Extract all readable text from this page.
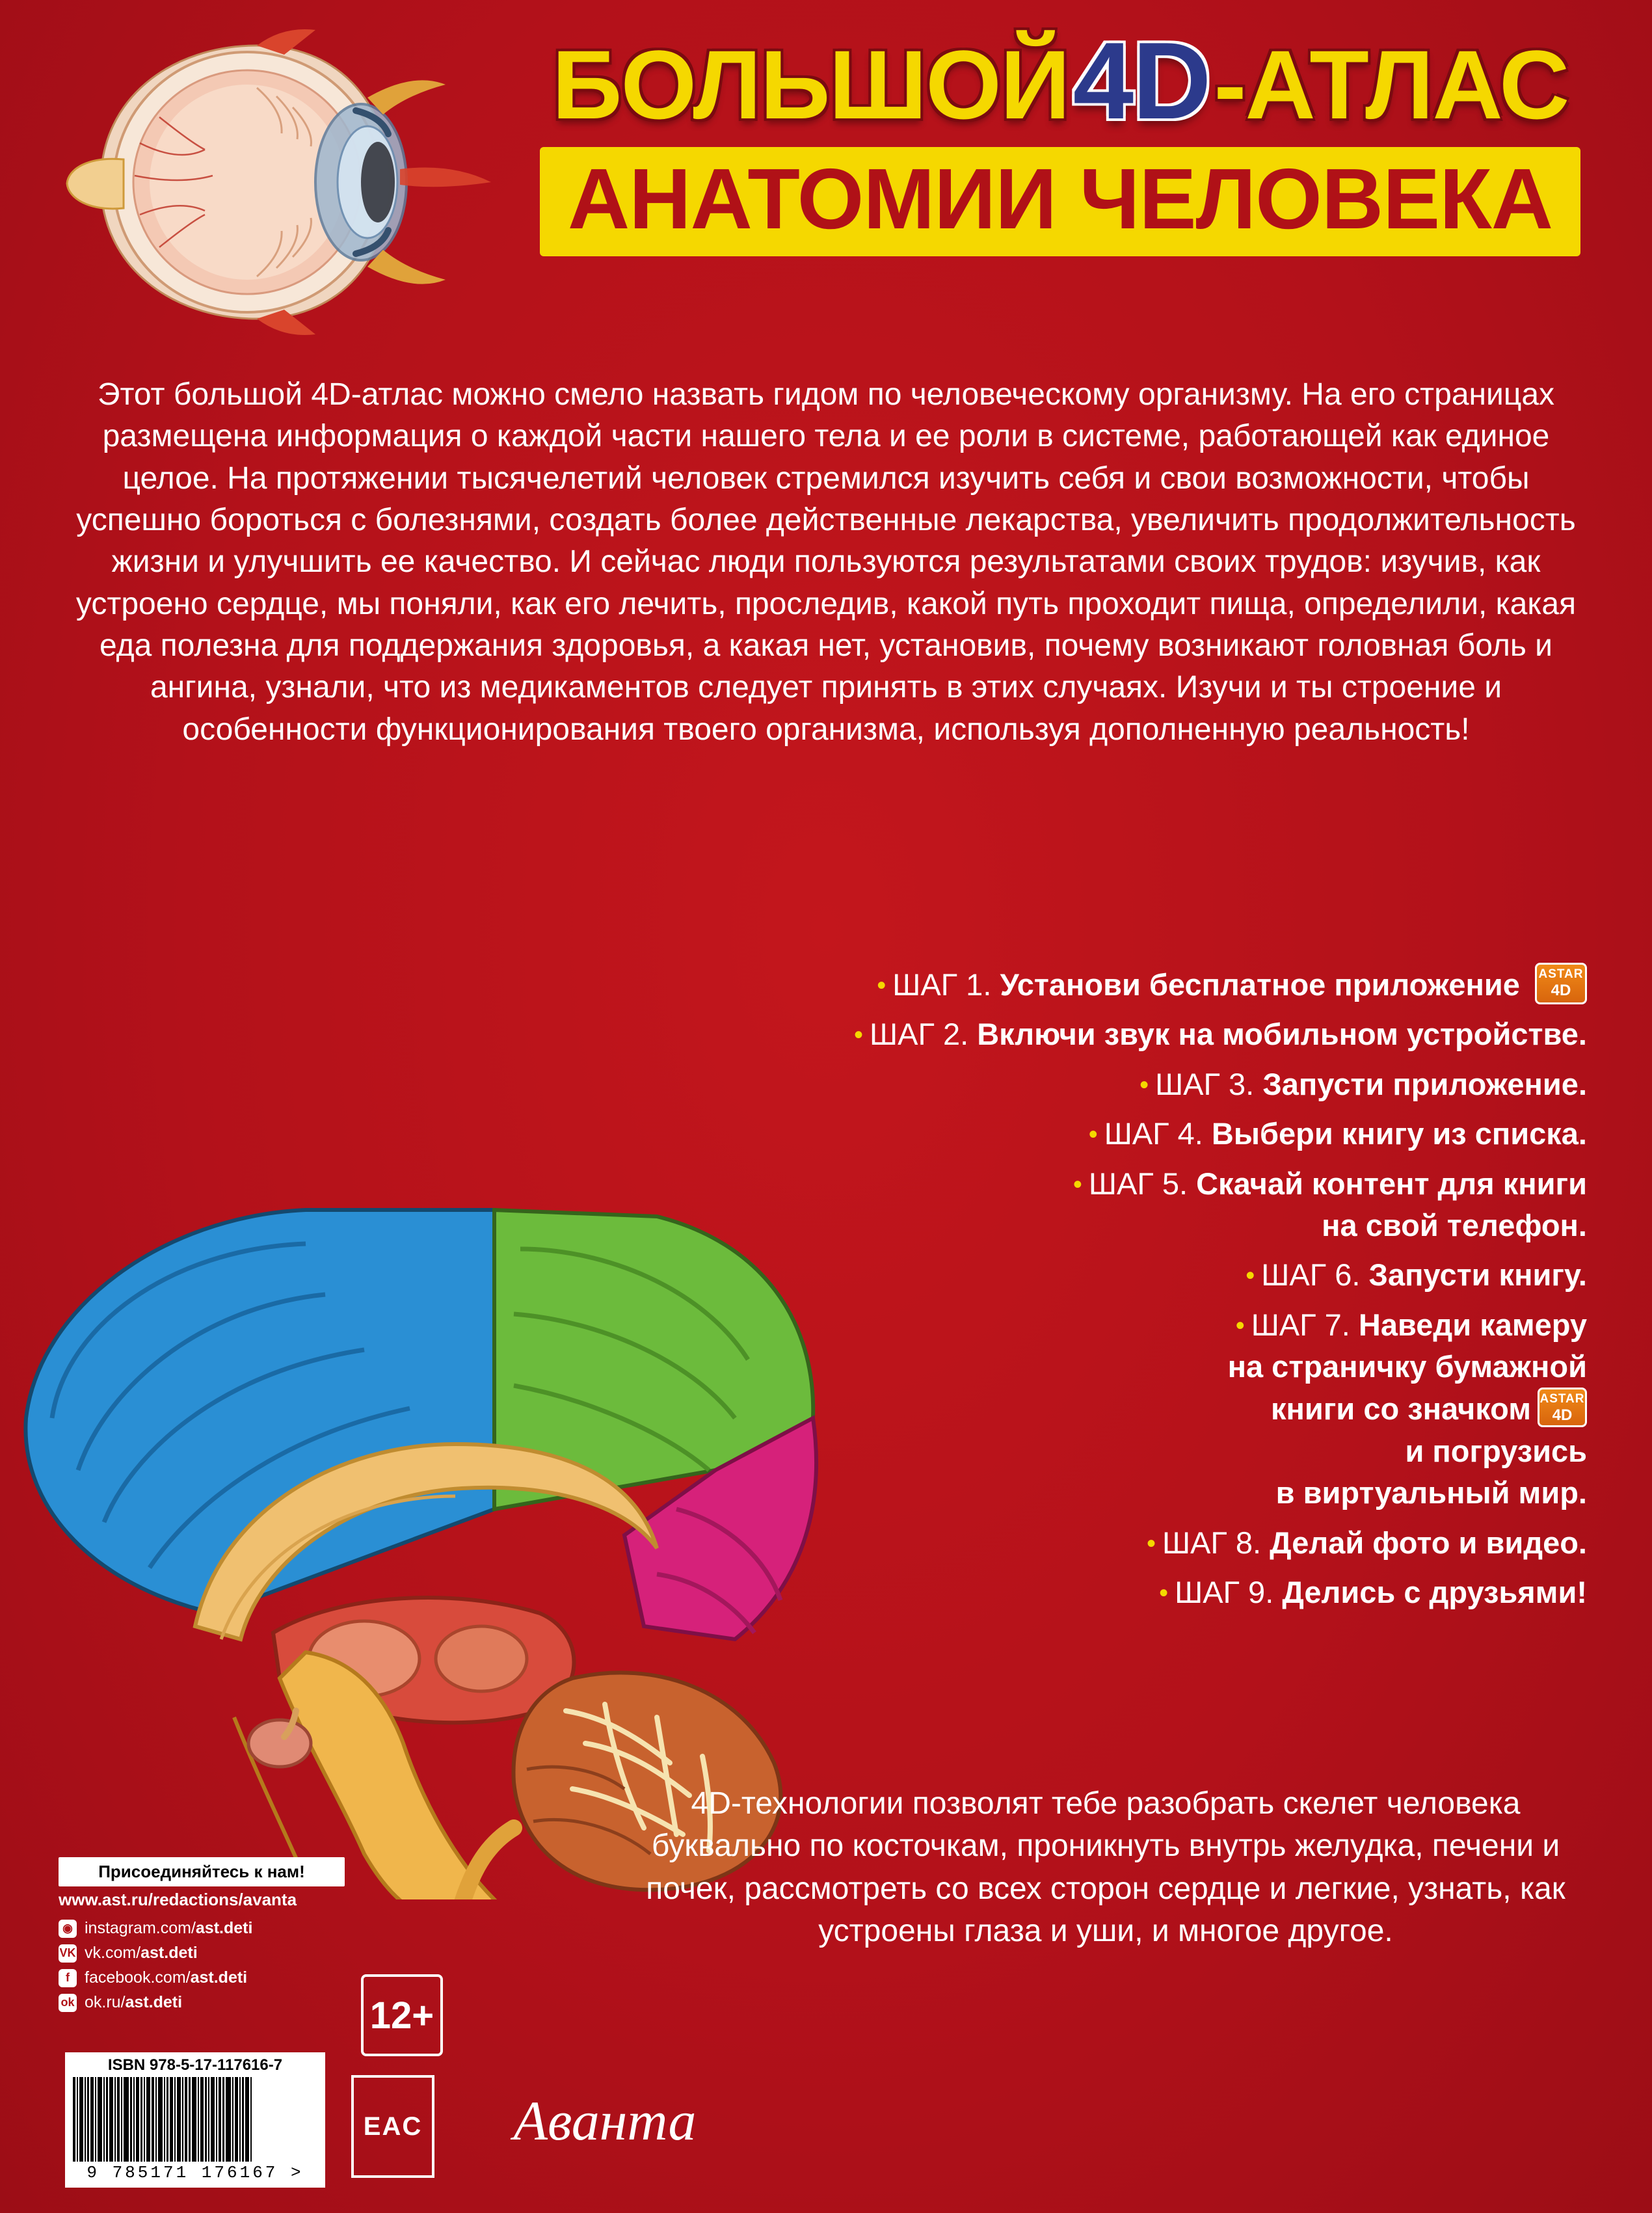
БОЛЬШОЙ4D-АТЛАС
АНАТОМИИ ЧЕЛОВЕКА
Этот большой 4D-атлас можно смело назвать гидом по человеческому организму. На его страницах размещена информация о каждой части нашего тела и ее роли в системе, работающей как единое целое. На протяжении тысячелетий человек стремился изучить себя и свои возможности, чтобы успешно бороться с болезнями, создать более действенные лекарства, увеличить продолжительность жизни и улучшить ее качество. И сейчас люди пользуются результатами своих трудов: изучив, как устроено сердце, мы поняли, как его лечить, проследив, какой путь проходит пища, определили, какая еда полезна для поддержания здоровья, а какая нет, установив, почему возникают головная боль и ангина, узнали, что из медикаментов следует принять в этих случаях. Изучи и ты строение и особенности функционирования твоего организма, используя дополненную реальность!
• ШАГ 1. Установи бесплатное приложение ASTAR
4D
• ШАГ 2. Включи звук на мобильном устройстве.
• ШАГ 3. Запусти приложение.
• ШАГ 4. Выбери книгу из списка.
• ШАГ 5. Скачай контент для книги
на свой телефон.
• ШАГ 6. Запусти книгу.
• ШАГ 7. Наведи камеру
на страничку бумажной
книги со значком ASTAR
4D
и погрузись
в виртуальный мир.
• ШАГ 8. Делай фото и видео.
• ШАГ 9. Делись с друзьями!
4D-технологии позволят тебе разобрать скелет человека буквально по косточкам, проникнуть внутрь желудка, печени и почек, рассмотреть со всех сторон сердце и легкие, узнать, как устроены глаза и уши, и многое другое.
Присоединяйтесь к нам!
www.ast.ru/redactions/avanta
◉ instagram.com/ ast.deti
VK vk.com/ ast.deti
f facebook.com/ ast.deti
ok ok.ru/ ast.deti
ISBN 978-5-17-117616-7
9 785171 176167 >
12+
ЕAC	Аванта
